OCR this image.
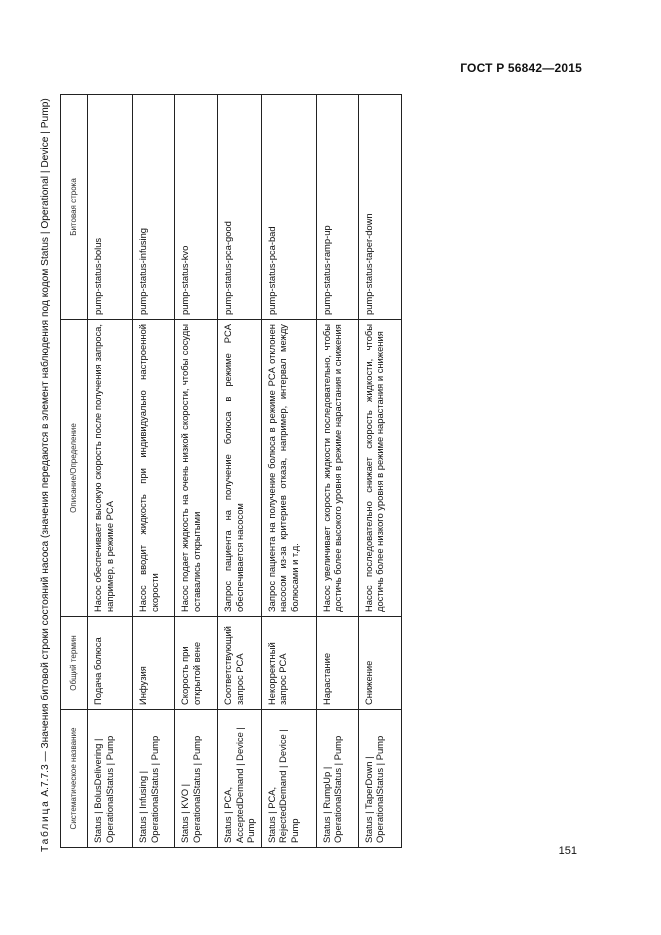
ГОСТ Р 56842—2015
Таблица А.7.7.3 — Значения битовой строки состояний насоса (значения передаются в элемент наблюдения под кодом Status | Operational | Device | Pump)	Систематическое название	Общий термин	Описание/Определение	Битовая строка
Status | BolusDelivering | OperationalStatus | Pump	Подача болюса	Насос обеспечивает высокую скорость после получения запроса, например, в режиме PCA	pump-status-bolus
Status | Infusing | OperationalStatus | Pump	Инфузия	Насос вводит жидкость при индивидуально настроенной скорости	pump-status-infusing
Status | KVO | OperationalStatus | Pump	Скорость при открытой вене	Насос подает жидкость на очень низкой скорости, чтобы сосуды оставались открытыми	pump-status-kvo
Status | PCA, AcceptedDemand | Device | Pump	Соответствующий запрос PCA	Запрос пациента на получение болюса в режиме PCA обеспечивается насосом	pump-status-pca-good
Status | PCA, RejectedDemand | Device | Pump	Некорректный запрос PCA	Запрос пациента на получение болюса в режиме PCA отклонен насосом из-за критериев отказа, например, интервал между болюсами и т.д.	pump-status-pca-bad
Status | RumpUp | OperationalStatus | Pump	Нарастание	Насос увеличивает скорость жидкости последовательно, чтобы достичь более высокого уровня в режиме нарастания и снижения	pump-status-ramp-up
Status | TaperDown | OperationalStatus | Pump	Снижение	Насос последовательно снижает скорость жидкости, чтобы достичь более низкого уровня в режиме нарастания и снижения	pump-status-taper-down
151
